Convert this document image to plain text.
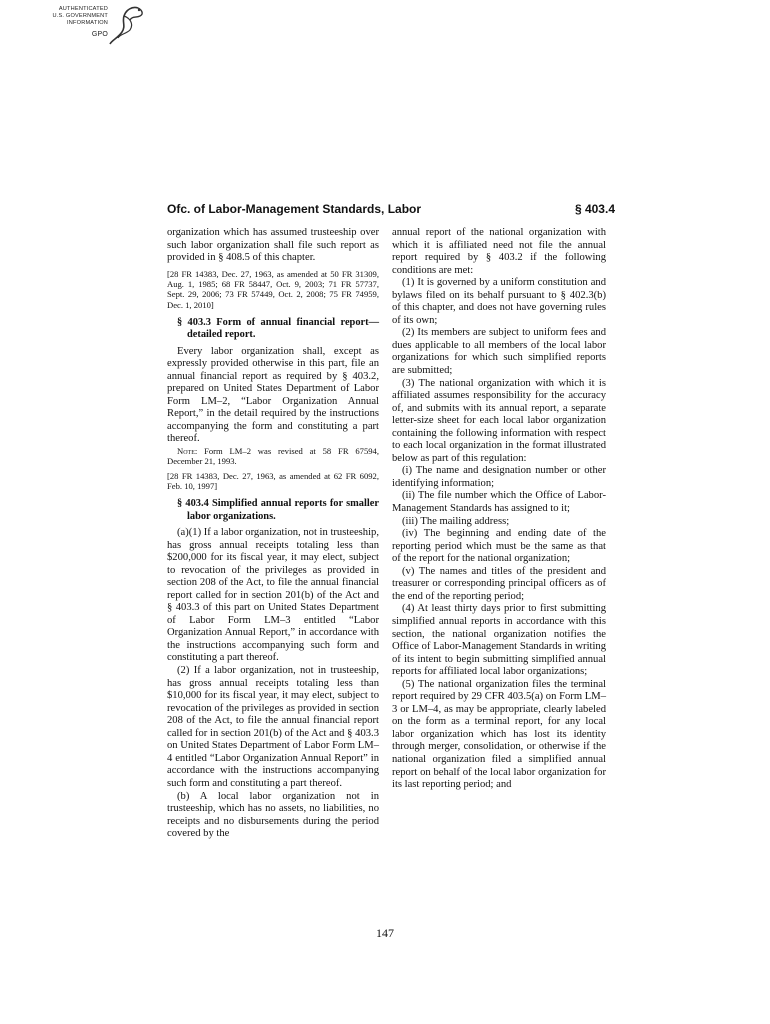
AUTHENTICATED
U.S. GOVERNMENT
INFORMATION
GPO
Ofc. of Labor-Management Standards, Labor	§ 403.4

organization which has assumed trusteeship over such labor organization shall file such report as provided in § 408.5 of this chapter.

[28 FR 14383, Dec. 27, 1963, as amended at 50 FR 31309, Aug. 1, 1985; 68 FR 58447, Oct. 9, 2003; 71 FR 57737, Sept. 29, 2006; 73 FR 57449, Oct. 2, 2008; 75 FR 74959, Dec. 1, 2010]

§ 403.3 Form of annual financial report—detailed report.

Every labor organization shall, except as expressly provided otherwise in this part, file an annual financial report as required by § 403.2, prepared on United States Department of Labor Form LM–2, “Labor Organization Annual Report,” in the detail required by the instructions accompanying the form and constituting a part thereof.

Note: Form LM–2 was revised at 58 FR 67594, December 21, 1993.

[28 FR 14383, Dec. 27, 1963, as amended at 62 FR 6092, Feb. 10, 1997]

§ 403.4 Simplified annual reports for smaller labor organizations.

(a)(1) If a labor organization, not in trusteeship, has gross annual receipts totaling less than $200,000 for its fiscal year, it may elect, subject to revocation of the privileges as provided in section 208 of the Act, to file the annual financial report called for in section 201(b) of the Act and § 403.3 of this part on United States Department of Labor Form LM–3 entitled “Labor Organization Annual Report,” in accordance with the instructions accompanying such form and constituting a part thereof.

(2) If a labor organization, not in trusteeship, has gross annual receipts totaling less than $10,000 for its fiscal year, it may elect, subject to revocation of the privileges as provided in section 208 of the Act, to file the annual financial report called for in section 201(b) of the Act and § 403.3 on United States Department of Labor Form LM–4 entitled “Labor Organization Annual Report” in accordance with the instructions accompanying such form and constituting a part thereof.

(b) A local labor organization not in trusteeship, which has no assets, no liabilities, no receipts and no disbursements during the period covered by the

annual report of the national organization with which it is affiliated need not file the annual report required by § 403.2 if the following conditions are met:

(1) It is governed by a uniform constitution and bylaws filed on its behalf pursuant to § 402.3(b) of this chapter, and does not have governing rules of its own;

(2) Its members are subject to uniform fees and dues applicable to all members of the local labor organizations for which such simplified reports are submitted;

(3) The national organization with which it is affiliated assumes responsibility for the accuracy of, and submits with its annual report, a separate letter-size sheet for each local labor organization containing the following information with respect to each local organization in the format illustrated below as part of this regulation:

(i) The name and designation number or other identifying information;

(ii) The file number which the Office of Labor-Management Standards has assigned to it;

(iii) The mailing address;

(iv) The beginning and ending date of the reporting period which must be the same as that of the report for the national organization;

(v) The names and titles of the president and treasurer or corresponding principal officers as of the end of the reporting period;

(4) At least thirty days prior to first submitting simplified annual reports in accordance with this section, the national organization notifies the Office of Labor-Management Standards in writing of its intent to begin submitting simplified annual reports for affiliated local labor organizations;

(5) The national organization files the terminal report required by 29 CFR 403.5(a) on Form LM–3 or LM–4, as may be appropriate, clearly labeled on the form as a terminal report, for any local labor organization which has lost its identity through merger, consolidation, or otherwise if the national organization filed a simplified annual report on behalf of the local labor organization for its last reporting period; and

147
